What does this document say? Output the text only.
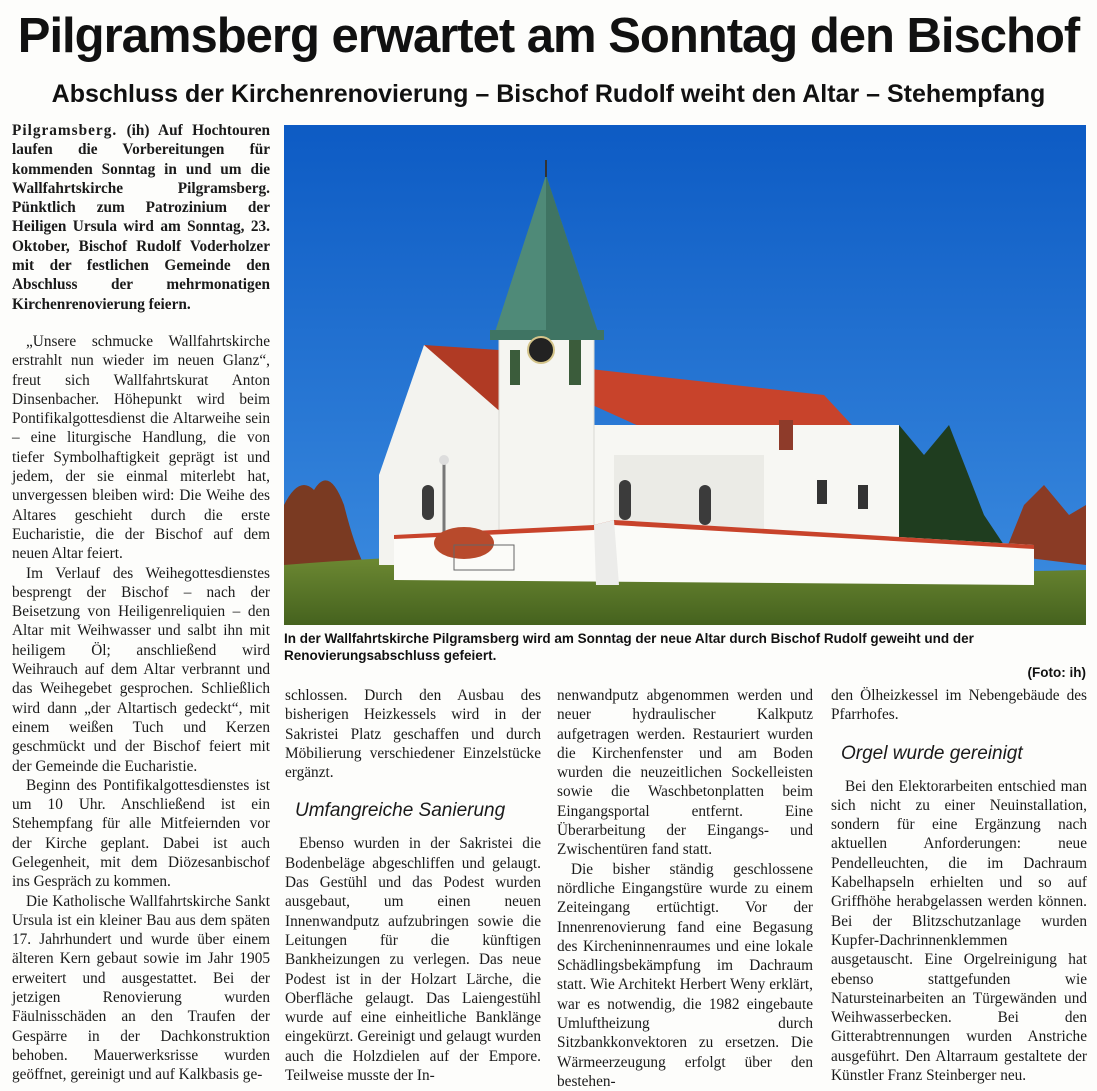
Pilgramsberg erwartet am Sonntag den Bischof
Abschluss der Kirchenrenovierung – Bischof Rudolf weiht den Altar – Stehempfang

Pilgramsberg. (ih) Auf Hochtouren laufen die Vorbereitungen für kommenden Sonntag in und um die Wallfahrtskirche Pilgramsberg. Pünktlich zum Patrozinium der Heiligen Ursula wird am Sonntag, 23. Oktober, Bischof Rudolf Voderholzer mit der festlichen Gemeinde den Abschluss der mehrmonatigen Kirchenrenovierung feiern.

„Unsere schmucke Wallfahrtskirche erstrahlt nun wieder im neuen Glanz“, freut sich Wallfahrtskurat Anton Dinsenbacher. Höhepunkt wird beim Pontifikalgottesdienst die Altarweihe sein – eine liturgische Handlung, die von tiefer Symbolhaftigkeit geprägt ist und jedem, der sie einmal miterlebt hat, unvergessen bleiben wird: Die Weihe des Altares geschieht durch die erste Eucharistie, die der Bischof auf dem neuen Altar feiert.

Im Verlauf des Weihegottesdienstes besprengt der Bischof – nach der Beisetzung von Heiligenreliquien – den Altar mit Weihwasser und salbt ihn mit heiligem Öl; anschließend wird Weihrauch auf dem Altar verbrannt und das Weihegebet gesprochen. Schließlich wird dann „der Altartisch gedeckt“, mit einem weißen Tuch und Kerzen geschmückt und der Bischof feiert mit der Gemeinde die Eucharistie.

Beginn des Pontifikalgottesdienstes ist um 10 Uhr. Anschließend ist ein Stehempfang für alle Mitfeiernden vor der Kirche geplant. Dabei ist auch Gelegenheit, mit dem Diözesanbischof ins Gespräch zu kommen.

Die Katholische Wallfahrtskirche Sankt Ursula ist ein kleiner Bau aus dem späten 17. Jahrhundert und wurde über einem älteren Kern gebaut sowie im Jahr 1905 erweitert und ausgestattet. Bei der jetzigen Renovierung wurden Fäulnisschäden an den Traufen der Gespärre in der Dachkonstruktion behoben. Mauerwerksrisse wurden geöffnet, gereinigt und auf Kalkbasis ge-

In der Wallfahrtskirche Pilgramsberg wird am Sonntag der neue Altar durch Bischof Rudolf geweiht und der Renovierungsabschluss gefeiert.
(Foto: ih)

schlossen. Durch den Ausbau des bisherigen Heizkessels wird in der Sakristei Platz geschaffen und durch Möbilierung verschiedener Einzelstücke ergänzt.

Umfangreiche Sanierung

Ebenso wurden in der Sakristei die Bodenbeläge abgeschliffen und gelaugt. Das Gestühl und das Podest wurden ausgebaut, um einen neuen Innenwandputz aufzubringen sowie die Leitungen für die künftigen Bankheizungen zu verlegen. Das neue Podest ist in der Holzart Lärche, die Oberfläche gelaugt. Das Laiengestühl wurde auf eine einheitliche Banklänge eingekürzt. Gereinigt und gelaugt wurden auch die Holzdielen auf der Empore. Teilweise musste der In-

nenwandputz abgenommen werden und neuer hydraulischer Kalkputz aufgetragen werden. Restauriert wurden die Kirchenfenster und am Boden wurden die neuzeitlichen Sockelleisten sowie die Waschbetonplatten beim Eingangsportal entfernt. Eine Überarbeitung der Eingangs- und Zwischentüren fand statt.

Die bisher ständig geschlossene nördliche Eingangstüre wurde zu einem Zeiteingang ertüchtigt. Vor der Innenrenovierung fand eine Begasung des Kircheninnenraumes und eine lokale Schädlingsbekämpfung im Dachraum statt. Wie Architekt Herbert Weny erklärt, war es notwendig, die 1982 eingebaute Umluftheizung durch Sitzbankkonvektoren zu ersetzen. Die Wärmeerzeugung erfolgt über den bestehen-

den Ölheizkessel im Nebengebäude des Pfarrhofes.

Orgel wurde gereinigt

Bei den Elektorarbeiten entschied man sich nicht zu einer Neuinstallation, sondern für eine Ergänzung nach aktuellen Anforderungen: neue Pendelleuchten, die im Dachraum Kabelhapseln erhielten und so auf Griffhöhe herabgelassen werden können. Bei der Blitzschutzanlage wurden Kupfer-Dachrinnenklemmen ausgetauscht. Eine Orgelreinigung hat ebenso stattgefunden wie Natursteinarbeiten an Türgewänden und Weihwasserbecken. Bei den Gitterabtrennungen wurden Anstriche ausgeführt. Den Altarraum gestaltete der Künstler Franz Steinberger neu.
